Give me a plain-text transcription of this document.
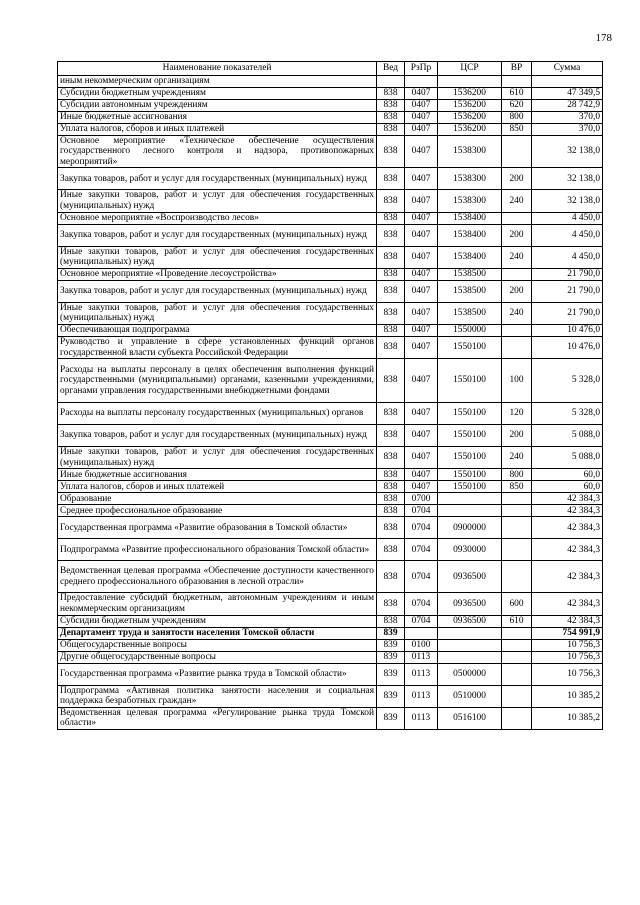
178
Наименование показателей	Вед	РзПр	ЦСР	ВР	Сумма
иным некоммерческим организациям					
Субсидии бюджетным учреждениям	838	0407	1536200	610	47 349,5
Субсидии автономным учреждениям	838	0407	1536200	620	28 742,9
Иные бюджетные ассигнования	838	0407	1536200	800	370,0
Уплата налогов, сборов и иных платежей	838	0407	1536200	850	370,0
Основное мероприятие «Техническое обеспечение осуществления государственного лесного контроля и надзора, противопожарных мероприятий»	838	0407	1538300		32 138,0
Закупка товаров, работ и услуг для государственных (муниципальных) нужд	838	0407	1538300	200	32 138,0
Иные закупки товаров, работ и услуг для обеспечения государственных (муниципальных) нужд	838	0407	1538300	240	32 138,0
Основное мероприятие «Воспроизводство лесов»	838	0407	1538400		4 450,0
Закупка товаров, работ и услуг для государственных (муниципальных) нужд	838	0407	1538400	200	4 450,0
Иные закупки товаров, работ и услуг для обеспечения государственных (муниципальных) нужд	838	0407	1538400	240	4 450,0
Основное мероприятие «Проведение лесоустройства»	838	0407	1538500		21 790,0
Закупка товаров, работ и услуг для государственных (муниципальных) нужд	838	0407	1538500	200	21 790,0
Иные закупки товаров, работ и услуг для обеспечения государственных (муниципальных) нужд	838	0407	1538500	240	21 790,0
Обеспечивающая подпрограмма	838	0407	1550000		10 476,0
Руководство и управление в сфере установленных функций органов государственной власти субъекта Российской Федерации	838	0407	1550100		10 476,0
Расходы на выплаты персоналу в целях обеспечения выполнения функций государственными (муниципальными) органами, казенными учреждениями, органами управления государственными внебюджетными фондами	838	0407	1550100	100	5 328,0
Расходы на выплаты персоналу государственных (муниципальных) органов	838	0407	1550100	120	5 328,0
Закупка товаров, работ и услуг для государственных (муниципальных) нужд	838	0407	1550100	200	5 088,0
Иные закупки товаров, работ и услуг для обеспечения государственных (муниципальных) нужд	838	0407	1550100	240	5 088,0
Иные бюджетные ассигнования	838	0407	1550100	800	60,0
Уплата налогов, сборов и иных платежей	838	0407	1550100	850	60,0
Образование	838	0700			42 384,3
Среднее профессиональное образование	838	0704			42 384,3
Государственная программа «Развитие образования в Томской области»	838	0704	0900000		42 384,3
Подпрограмма «Развитие профессионального образования Томской области»	838	0704	0930000		42 384,3
Ведомственная целевая программа «Обеспечение доступности качественного среднего профессионального образования в лесной отрасли»	838	0704	0936500		42 384,3
Предоставление субсидий бюджетным, автономным учреждениям и иным некоммерческим организациям	838	0704	0936500	600	42 384,3
Субсидии бюджетным учреждениям	838	0704	0936500	610	42 384,3
Департамент труда и занятости населения Томской области	839				754 991,9
Общегосударственные вопросы	839	0100			10 756,3
Другие общегосударственные вопросы	839	0113			10 756,3
Государственная программа «Развитие рынка труда в Томской области»	839	0113	0500000		10 756,3
Подпрограмма «Активная политика занятости населения и социальная поддержка безработных граждан»	839	0113	0510000		10 385,2
Ведомственная целевая программа «Регулирование рынка труда Томской области»	839	0113	0516100		10 385,2
